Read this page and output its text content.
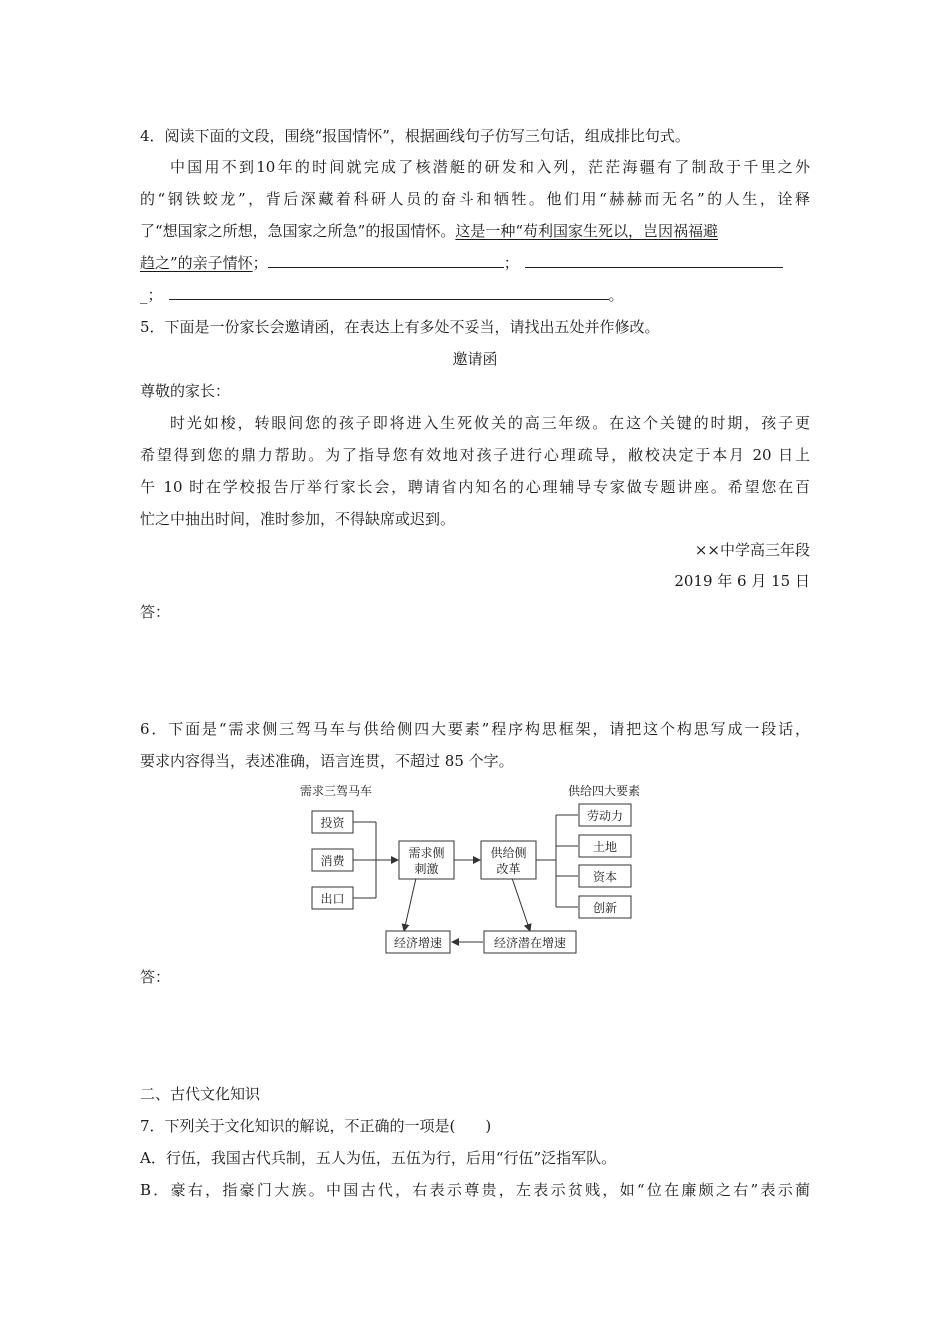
4．阅读下面的文段，围绕“报国情怀”，根据画线句子仿写三句话，组成排比句式。
中国用不到10年的时间就完成了核潜艇的研发和入列，茫茫海疆有了制敌于千里之外
的“钢铁蛟龙”，背后深藏着科研人员的奋斗和牺牲。他们用“赫赫而无名”的人生，诠释
了“想国家之所想，急国家之所急”的报国情怀。这是一种“苟利国家生死以，岂因祸福避
趋之”的亲子情怀；	；
_；	。
5．下面是一份家长会邀请函，在表达上有多处不妥当，请找出五处并作修改。
邀请函
尊敬的家长：
时光如梭，转眼间您的孩子即将进入生死攸关的高三年级。在这个关键的时期，孩子更
希望得到您的鼎力帮助。为了指导您有效地对孩子进行心理疏导，敝校决定于本月 20 日上
午 10 时在学校报告厅举行家长会，聘请省内知名的心理辅导专家做专题讲座。希望您在百
忙之中抽出时间，准时参加，不得缺席或迟到。
××中学高三年段
2019 年 6 月 15 日
答：
6．下面是“需求侧三驾马车与供给侧四大要素”程序构思框架，请把这个构思写成一段话，
要求内容得当，表述准确，语言连贯，不超过 85 个字。
需求三驾马车	供给四大要素
投资
消费
出口
需求侧
刺激
供给侧
改革
劳动力
土地
资本
创新
经济增速	经济潜在增速
答：
二、古代文化知识
7．下列关于文化知识的解说，不正确的一项是(　　)
A．行伍，我国古代兵制，五人为伍，五伍为行，后用“行伍”泛指军队。
B．豪右，指豪门大族。中国古代，右表示尊贵，左表示贫贱，如“位在廉颇之右”表示蔺
